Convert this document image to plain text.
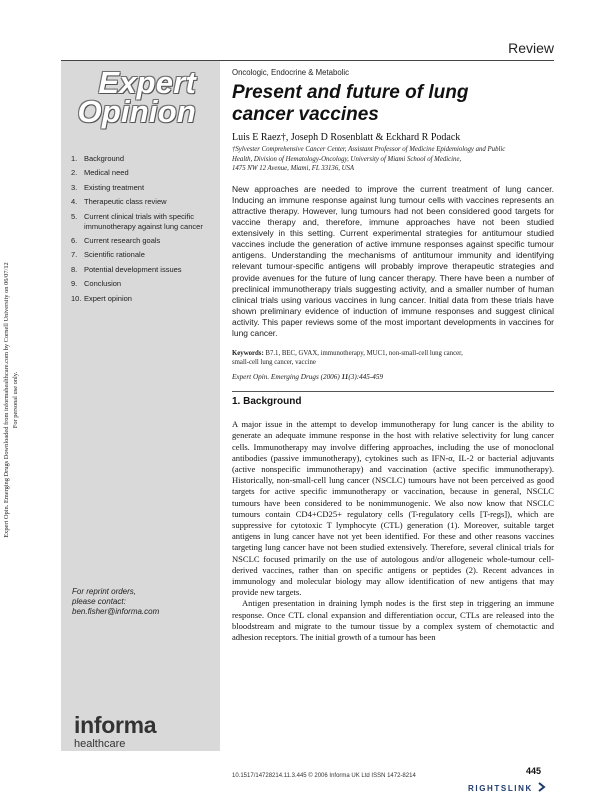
Review
Expert
Opinion
1. Background
2. Medical need
3. Existing treatment
4. Therapeutic class review
5. Current clinical trials with specific immunotherapy against lung cancer
6. Current research goals
7. Scientific rationale
8. Potential development issues
9. Conclusion
10. Expert opinion
For reprint orders,
please contact:
ben.fisher@informa.com
informa
healthcare
Expert Opin. Emerging Drugs Downloaded from informahealthcare.com by Cornell University on 06/07/12 For personal use only.
Oncologic, Endocrine & Metabolic
Present and future of lung
cancer vaccines
Luis E Raez†, Joseph D Rosenblatt & Eckhard R Podack
†Sylvester Comprehensive Cancer Center, Assistant Professor of Medicine Epidemiology and Public
Health, Division of Hematology-Oncology, University of Miami School of Medicine,
1475 NW 12 Avenue, Miami, FL 33136, USA
New approaches are needed to improve the current treatment of lung cancer. Inducing an immune response against lung tumour cells with vaccines represents an attractive therapy. However, lung tumours had not been considered good targets for vaccine therapy and, therefore, immune approaches have not been studied extensively in this setting. Current experimental strategies for antitumour studied vaccines include the generation of active immune responses against specific tumour antigens. Understanding the mechanisms of antitumour immunity and identifying relevant tumour-specific antigens will probably improve therapeutic strategies and provide avenues for the future of lung cancer therapy. There have been a number of preclinical immunotherapy trials suggesting activity, and a smaller number of human clinical trials using various vaccines in lung cancer. Initial data from these trials have shown preliminary evidence of induction of immune responses and suggest clinical activity. This paper reviews some of the most important developments in vaccines for lung cancer.
Keywords: B7.1, BEC, GVAX, immunotherapy, MUC1, non-small-cell lung cancer,
small-cell lung cancer, vaccine
Expert Opin. Emerging Drugs (2006) 11(3):445-459
1. Background

A major issue in the attempt to develop immunotherapy for lung cancer is the ability to generate an adequate immune response in the host with relative selectivity for lung cancer cells. Immunotherapy may involve differing approaches, including the use of monoclonal antibodies (passive immunotherapy), cytokines such as IFN-α, IL-2 or bacterial adjuvants (active nonspecific immunotherapy) and vaccination (active specific immunotherapy). Historically, non-small-cell lung cancer (NSCLC) tumours have not been perceived as good targets for active specific immunotherapy or vaccination, because in general, NSCLC tumours have been considered to be nonimmunogenic. We also now know that NSCLC tumours contain CD4+CD25+ regulatory cells (T-regulatory cells [T-regs]), which are suppressive for cytotoxic T lymphocyte (CTL) generation (1). Moreover, suitable target antigens in lung cancer have not yet been identified. For these and other reasons vaccines targeting lung cancer have not been studied extensively. Therefore, several clinical trials for NSCLC focused primarily on the use of autologous and/or allogeneic whole-tumour cell-derived vaccines, rather than on specific antigens or peptides (2). Recent advances in immunology and molecular biology may allow identification of new antigens that may provide new targets.

Antigen presentation in draining lymph nodes is the first step in triggering an immune response. Once CTL clonal expansion and differentiation occur, CTLs are released into the bloodstream and migrate to the tumour tissue by a complex system of chemotactic and adhesion receptors. The initial growth of a tumour has been

10.1517/14728214.11.3.445 © 2006 Informa UK Ltd ISSN 1472-8214	445
RIGHTSLINK
